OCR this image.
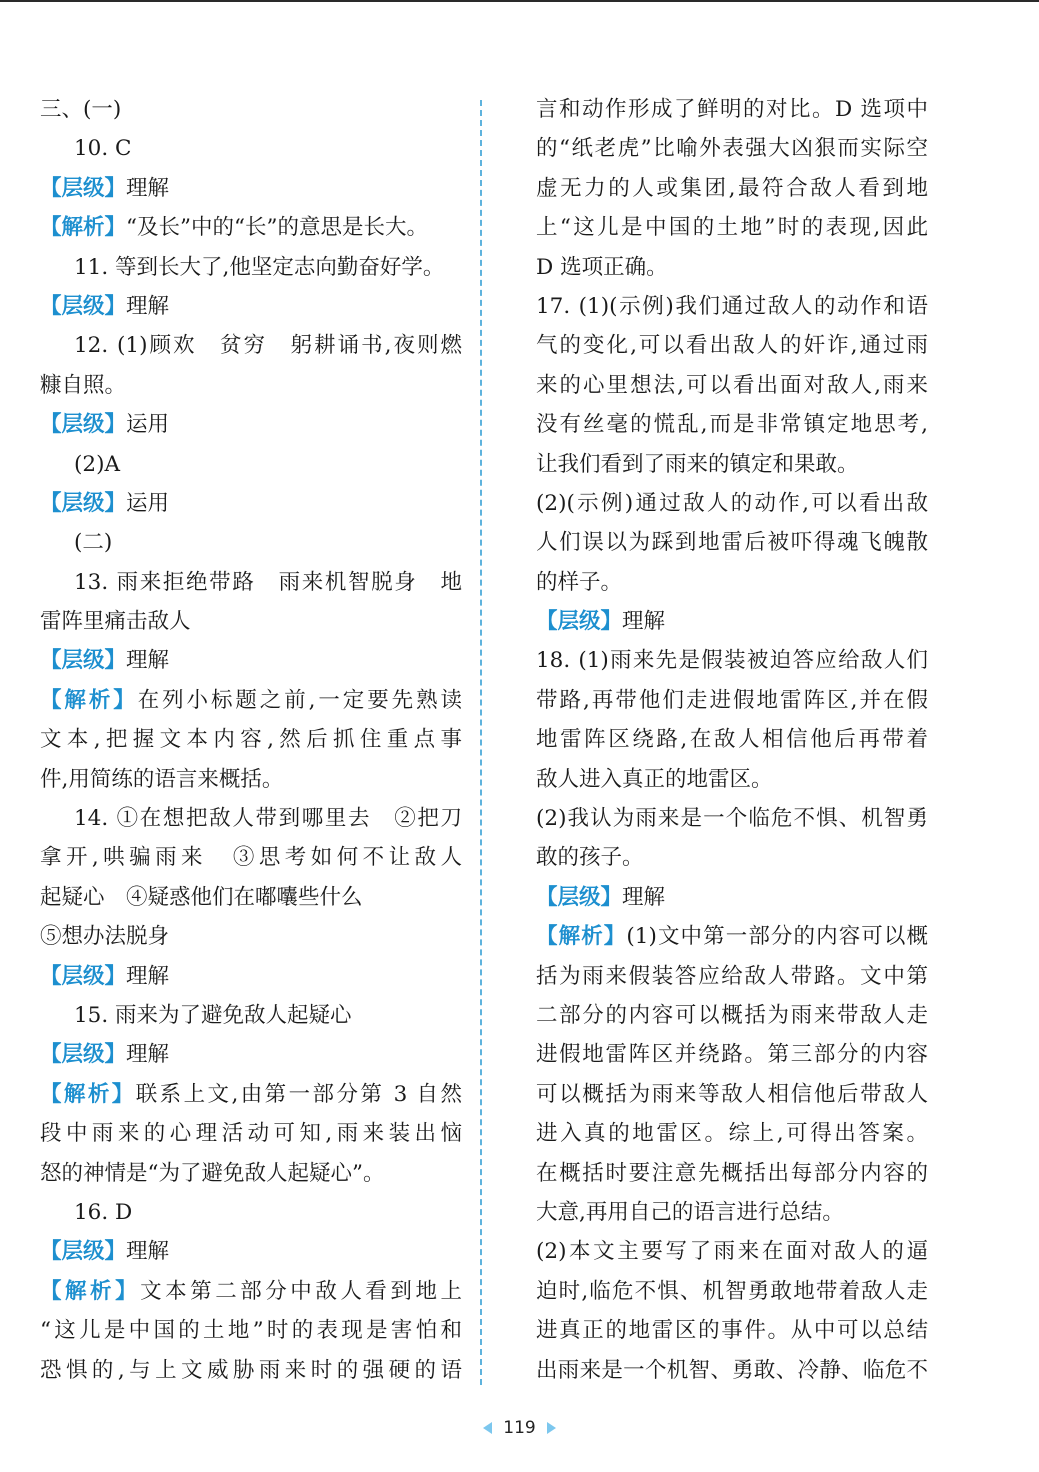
三、(一)
10. C
【层级】理解
【解析】“及长”中的“长”的意思是长大。
11. 等到长大了,他坚定志向勤奋好学。
【层级】理解
12. (1)顾欢　贫穷　躬耕诵书,夜则燃
糠自照。
【层级】运用
(2)A
【层级】运用
(二)
13. 雨来拒绝带路　雨来机智脱身　地
雷阵里痛击敌人
【层级】理解
【解析】在列小标题之前,一定要先熟读
文本,把握文本内容,然后抓住重点事
件,用简练的语言来概括。
14. ①在想把敌人带到哪里去　②把刀
拿开,哄骗雨来　③思考如何不让敌人
起疑心　④疑惑他们在嘟囔些什么
⑤想办法脱身
【层级】理解
15. 雨来为了避免敌人起疑心
【层级】理解
【解析】联系上文,由第一部分第 3 自然
段中雨来的心理活动可知,雨来装出恼
怒的神情是“为了避免敌人起疑心”。
16. D
【层级】理解
【解析】文本第二部分中敌人看到地上
“这儿是中国的土地”时的表现是害怕和
恐惧的,与上文威胁雨来时的强硬的语
言和动作形成了鲜明的对比。D 选项中
的“纸老虎”比喻外表强大凶狠而实际空
虚无力的人或集团,最符合敌人看到地
上“这儿是中国的土地”时的表现,因此
D 选项正确。
17. (1)(示例)我们通过敌人的动作和语
气的变化,可以看出敌人的奸诈,通过雨
来的心里想法,可以看出面对敌人,雨来
没有丝毫的慌乱,而是非常镇定地思考,
让我们看到了雨来的镇定和果敢。
(2)(示例)通过敌人的动作,可以看出敌
人们误以为踩到地雷后被吓得魂飞魄散
的样子。
【层级】理解
18. (1)雨来先是假装被迫答应给敌人们
带路,再带他们走进假地雷阵区,并在假
地雷阵区绕路,在敌人相信他后再带着
敌人进入真正的地雷区。
(2)我认为雨来是一个临危不惧、机智勇
敢的孩子。
【层级】理解
【解析】(1)文中第一部分的内容可以概
括为雨来假装答应给敌人带路。文中第
二部分的内容可以概括为雨来带敌人走
进假地雷阵区并绕路。第三部分的内容
可以概括为雨来等敌人相信他后带敌人
进入真的地雷区。综上,可得出答案。
在概括时要注意先概括出每部分内容的
大意,再用自己的语言进行总结。
(2)本文主要写了雨来在面对敌人的逼
迫时,临危不惧、机智勇敢地带着敌人走
进真正的地雷区的事件。从中可以总结
出雨来是一个机智、勇敢、冷静、临危不
119
